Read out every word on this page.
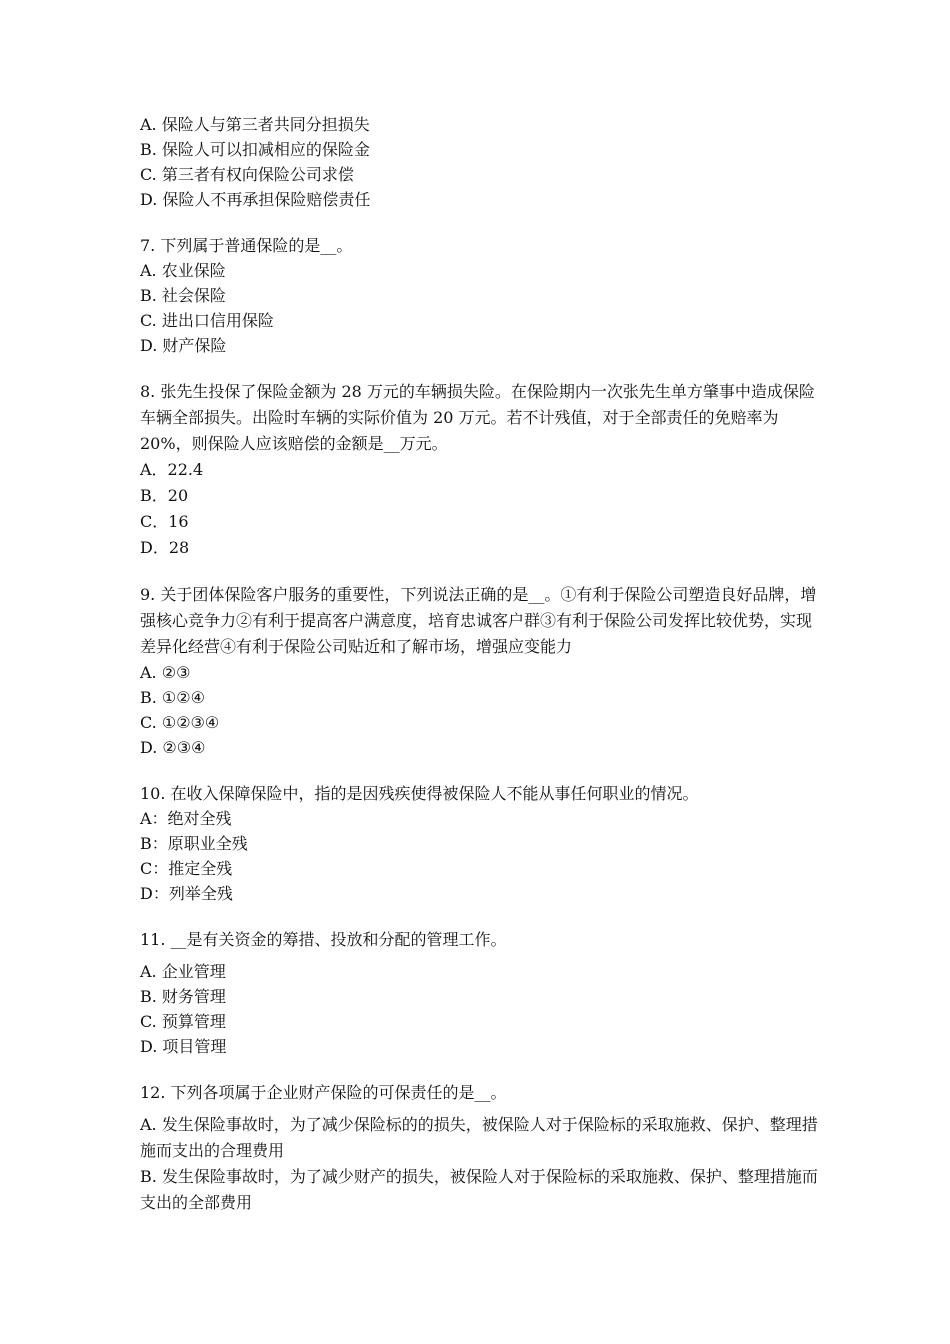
A. 保险人与第三者共同分担损失
B. 保险人可以扣减相应的保险金
C. 第三者有权向保险公司求偿
D. 保险人不再承担保险赔偿责任
7. 下列属于普通保险的是__。
A. 农业保险
B. 社会保险
C. 进出口信用保险
D. 财产保险
8. 张先生投保了保险金额为 28 万元的车辆损失险。在保险期内一次张先生单方肇事中造成保险车辆全部损失。出险时车辆的实际价值为 20 万元。若不计残值，对于全部责任的免赔率为 20%，则保险人应该赔偿的金额是__万元。
A．22.4
B．20
C．16
D．28
9. 关于团体保险客户服务的重要性，下列说法正确的是__。①有利于保险公司塑造良好品牌，增强核心竞争力②有利于提高客户满意度，培育忠诚客户群③有利于保险公司发挥比较优势，实现差异化经营④有利于保险公司贴近和了解市场，增强应变能力
A. ②③
B. ①②④
C. ①②③④
D. ②③④
10. 在收入保障保险中，指的是因残疾使得被保险人不能从事任何职业的情况。
A：绝对全残
B：原职业全残
C：推定全残
D：列举全残
11. __是有关资金的筹措、投放和分配的管理工作。
A. 企业管理
B. 财务管理
C. 预算管理
D. 项目管理
12. 下列各项属于企业财产保险的可保责任的是__。
A. 发生保险事故时，为了减少保险标的的损失，被保险人对于保险标的采取施救、保护、整理措施而支出的合理费用
B. 发生保险事故时，为了减少财产的损失，被保险人对于保险标的采取施救、保护、整理措施而支出的全部费用
